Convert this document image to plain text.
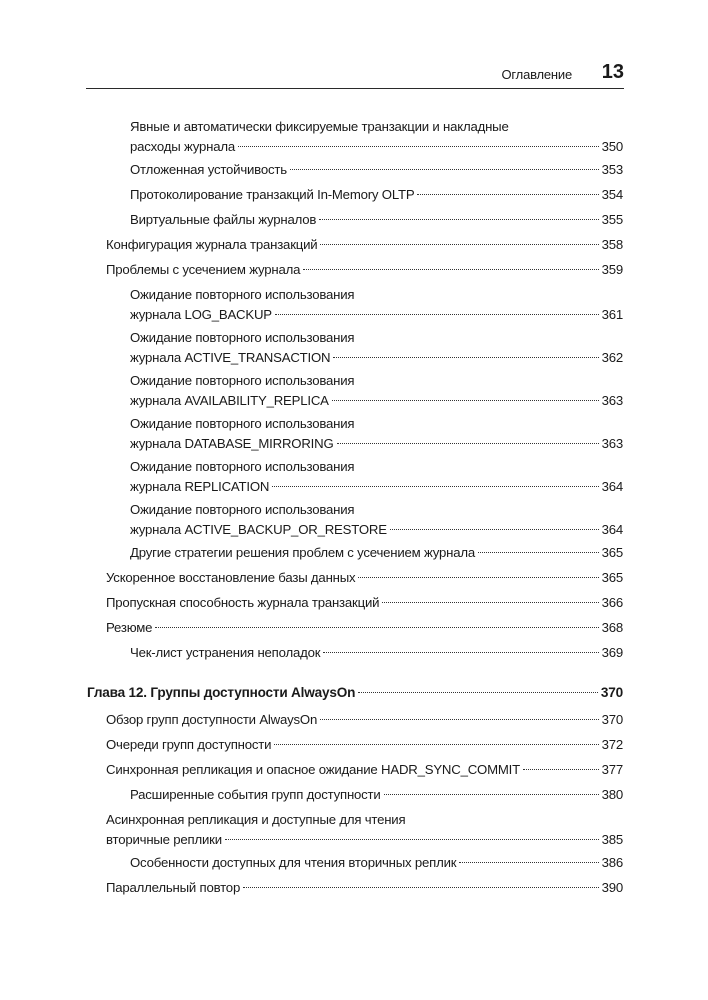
Оглавление 13
Явные и автоматически фиксируемые транзакции и накладные
расходы журнала	350
Отложенная устойчивость	353
Протоколирование транзакций In-Memory OLTP	354
Виртуальные файлы журналов	355
Конфигурация журнала транзакций	358
Проблемы с усечением журнала	359
Ожидание повторного использования
журнала LOG_BACKUP	361
Ожидание повторного использования
журнала ACTIVE_TRANSACTION	362
Ожидание повторного использования
журнала AVAILABILITY_REPLICA	363
Ожидание повторного использования
журнала DATABASE_MIRRORING	363
Ожидание повторного использования
журнала REPLICATION	364
Ожидание повторного использования
журнала ACTIVE_BACKUP_OR_RESTORE	364
Другие стратегии решения проблем с усечением журнала	365
Ускоренное восстановление базы данных	365
Пропускная способность журнала транзакций	366
Резюме	368
Чек-лист устранения неполадок	369
Глава 12. Группы доступности AlwaysOn	370
Обзор групп доступности AlwaysOn	370
Очереди групп доступности	372
Синхронная репликация и опасное ожидание HADR_SYNC_COMMIT	377
Расширенные события групп доступности	380
Асинхронная репликация и доступные для чтения
вторичные реплики	385
Особенности доступных для чтения вторичных реплик	386
Параллельный повтор	390
